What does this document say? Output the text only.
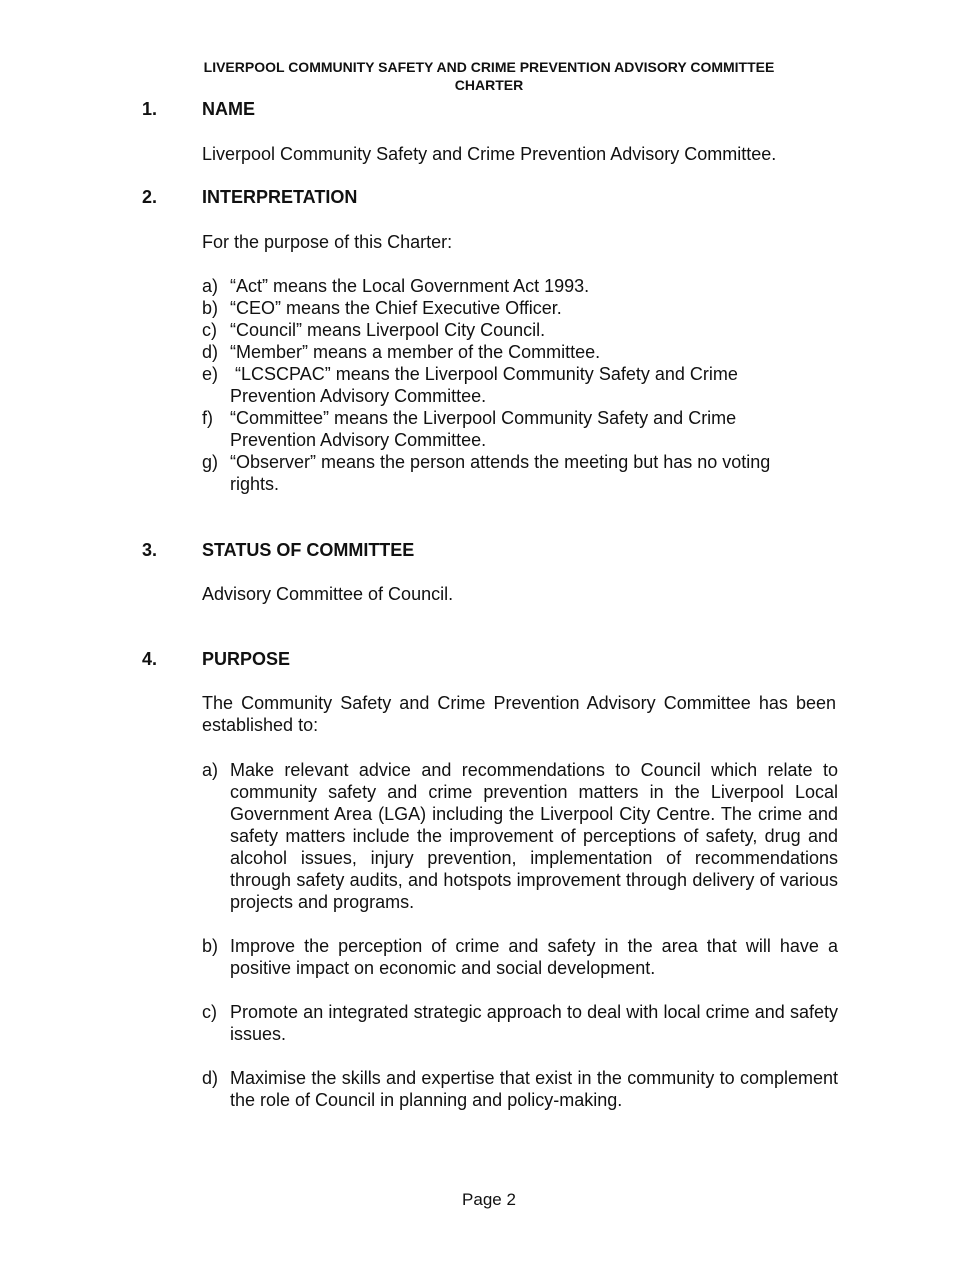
LIVERPOOL COMMUNITY SAFETY AND CRIME PREVENTION ADVISORY COMMITTEE
CHARTER
1. NAME
Liverpool Community Safety and Crime Prevention Advisory Committee.
2. INTERPRETATION
For the purpose of this Charter:
a) “Act” means the Local Government Act 1993.
b) “CEO” means the Chief Executive Officer.
c) “Council” means Liverpool City Council.
d) “Member” means a member of the Committee.
e) “LCSCPAC” means the Liverpool Community Safety and Crime Prevention Advisory Committee.
f) “Committee” means the Liverpool Community Safety and Crime Prevention Advisory Committee.
g) “Observer” means the person attends the meeting but has no voting rights.
3. STATUS OF COMMITTEE
Advisory Committee of Council.
4. PURPOSE
The Community Safety and Crime Prevention Advisory Committee has been established to:
a) Make relevant advice and recommendations to Council which relate to community safety and crime prevention matters in the Liverpool Local Government Area (LGA) including the Liverpool City Centre. The crime and safety matters include the improvement of perceptions of safety, drug and alcohol issues, injury prevention, implementation of recommendations through safety audits, and hotspots improvement through delivery of various projects and programs.
b) Improve the perception of crime and safety in the area that will have a positive impact on economic and social development.
c) Promote an integrated strategic approach to deal with local crime and safety issues.
d) Maximise the skills and expertise that exist in the community to complement the role of Council in planning and policy-making.
Page 2
